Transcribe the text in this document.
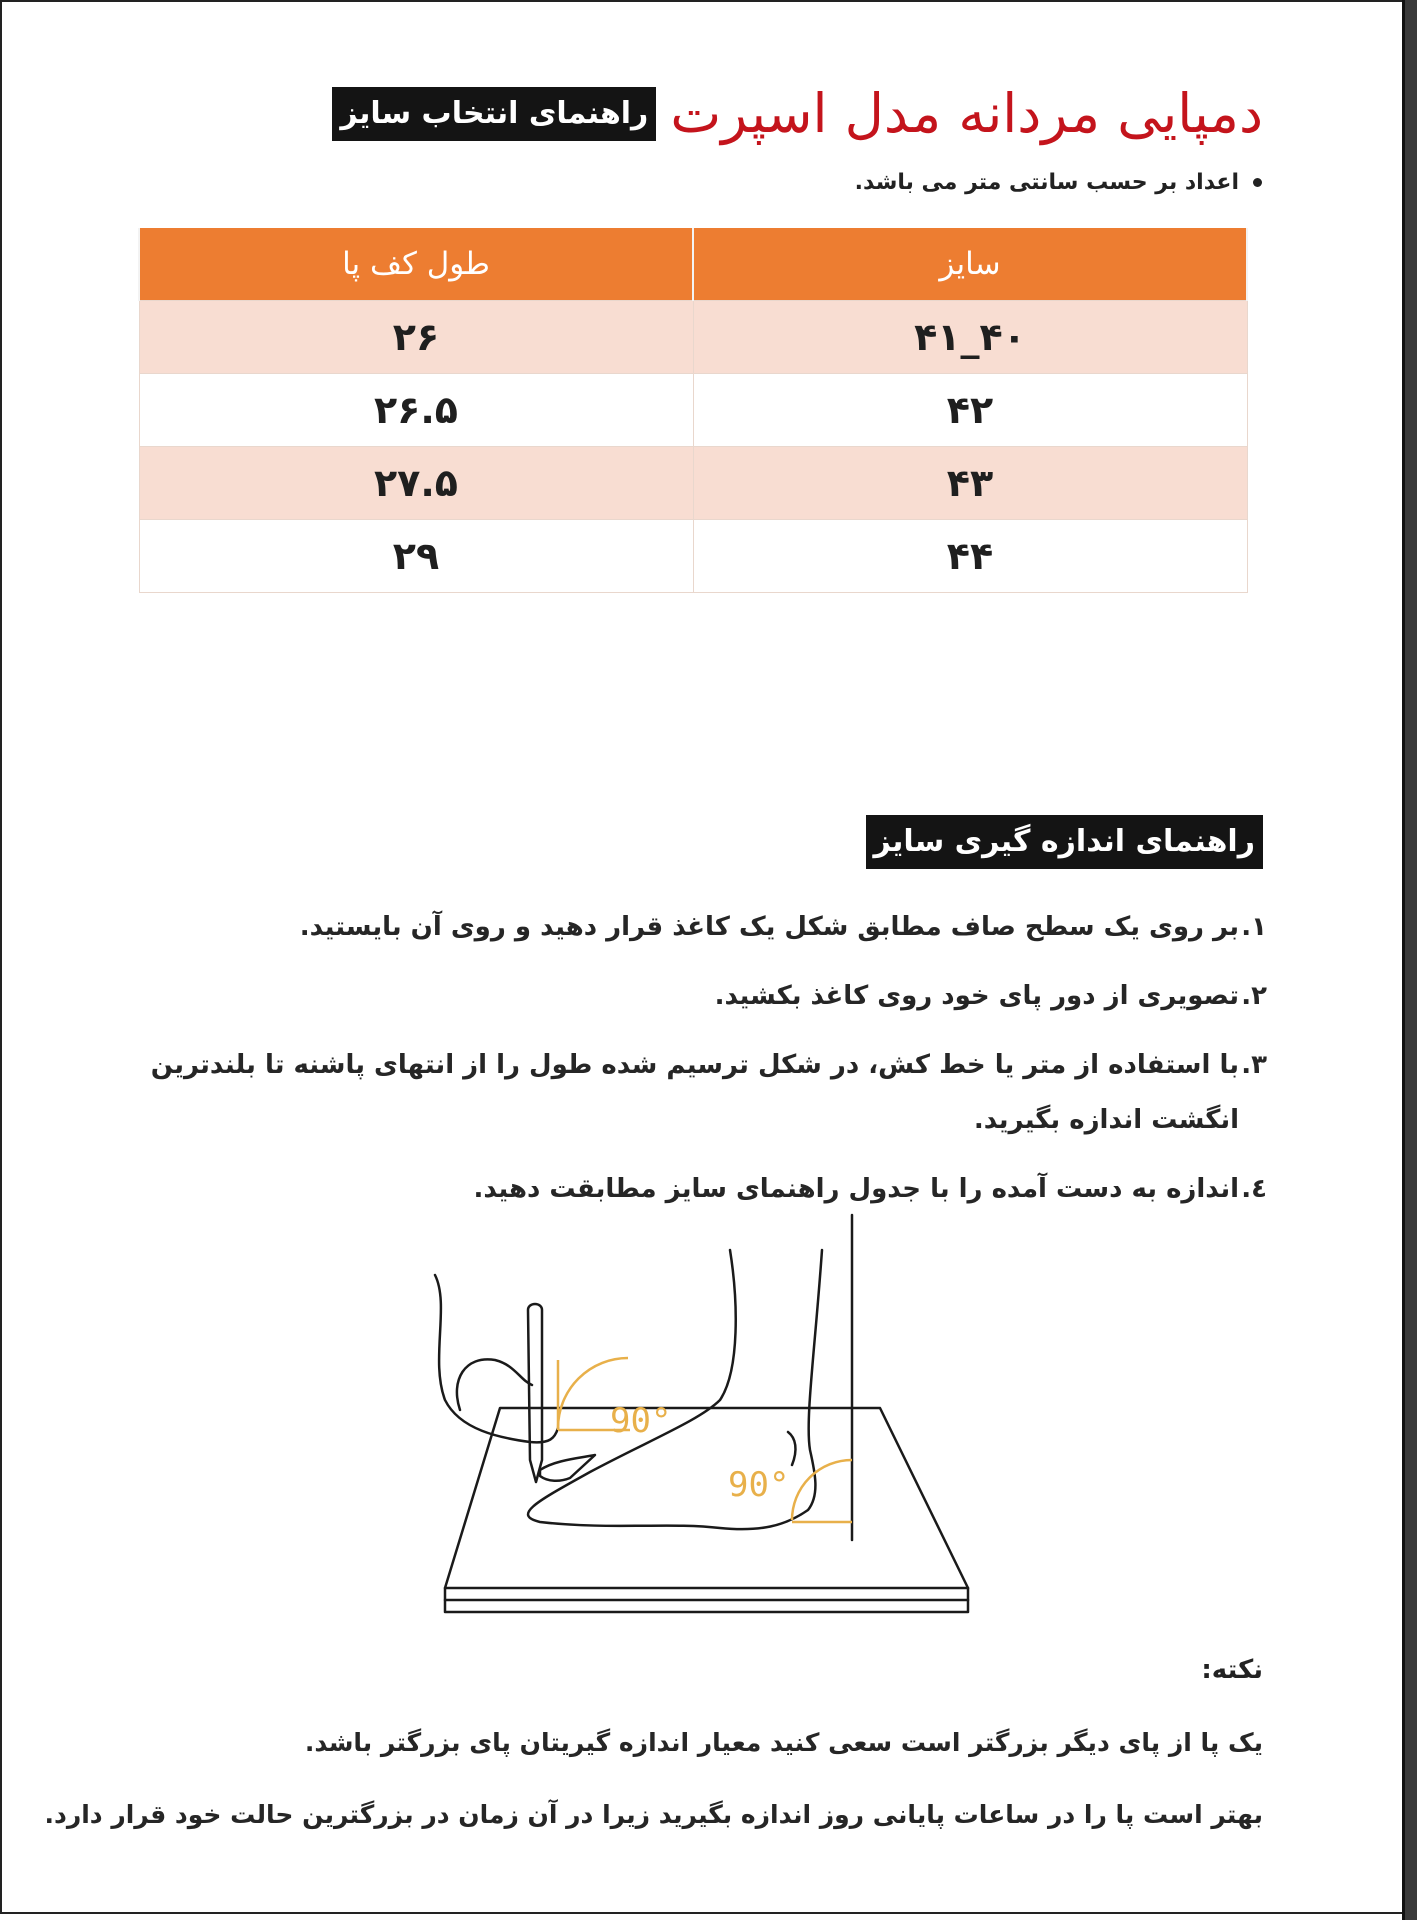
راهنمای انتخاب سایز دمپایی مردانه مدل اسپرت
اعداد بر حسب سانتی متر می باشد.
سایز	طول کف پا
۴۰_۴۱	۲۶
۴۲	۲۶.۵
۴۳	۲۷.۵
۴۴	۲۹
راهنمای اندازه گیری سایز
۱.
بر روی یک سطح صاف مطابق شکل یک کاغذ قرار دهید و روی آن بایستید.
۲.
تصویری از دور پای خود روی کاغذ بکشید.
۳.
با استفاده از متر یا خط کش، در شکل ترسیم شده طول را از انتهای پاشنه تا بلندترین انگشت اندازه بگیرید.
٤.
اندازه به دست آمده را با جدول راهنمای سایز مطابقت دهید.
90°
90°
نکته:
یک پا از پای دیگر بزرگتر است سعی کنید معیار اندازه گیریتان پای بزرگتر باشد.
بهتر است پا را در ساعات پایانی روز اندازه بگیرید زیرا در آن زمان در بزرگترین حالت خود قرار دارد.
